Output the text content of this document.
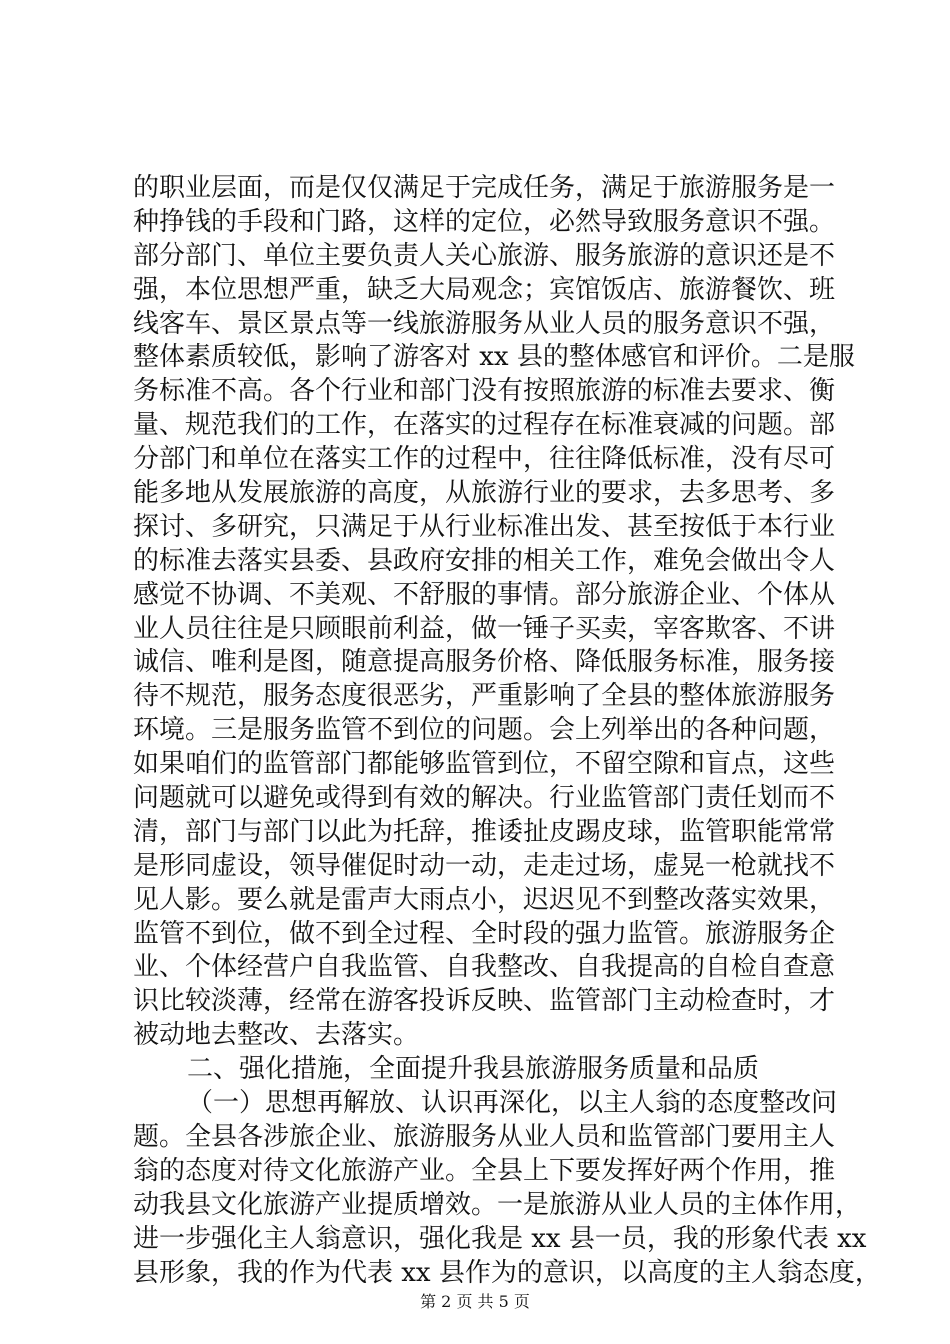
的职业层面，而是仅仅满足于完成任务，满足于旅游服务是一
种挣钱的手段和门路，这样的定位，必然导致服务意识不强。
部分部门、单位主要负责人关心旅游、服务旅游的意识还是不
强，本位思想严重，缺乏大局观念；宾馆饭店、旅游餐饮、班
线客车、景区景点等一线旅游服务从业人员的服务意识不强，
整体素质较低，影响了游客对 xx 县的整体感官和评价。二是服
务标准不高。各个行业和部门没有按照旅游的标准去要求、衡
量、规范我们的工作，在落实的过程存在标准衰减的问题。部
分部门和单位在落实工作的过程中，往往降低标准，没有尽可
能多地从发展旅游的高度，从旅游行业的要求，去多思考、多
探讨、多研究，只满足于从行业标准出发、甚至按低于本行业
的标准去落实县委、县政府安排的相关工作，难免会做出令人
感觉不协调、不美观、不舒服的事情。部分旅游企业、个体从
业人员往往是只顾眼前利益，做一锤子买卖，宰客欺客、不讲
诚信、唯利是图，随意提高服务价格、降低服务标准，服务接
待不规范，服务态度很恶劣，严重影响了全县的整体旅游服务
环境。三是服务监管不到位的问题。会上列举出的各种问题，
如果咱们的监管部门都能够监管到位，不留空隙和盲点，这些
问题就可以避免或得到有效的解决。行业监管部门责任划而不
清，部门与部门以此为托辞，推诿扯皮踢皮球，监管职能常常
是形同虚设，领导催促时动一动，走走过场，虚晃一枪就找不
见人影。要么就是雷声大雨点小，迟迟见不到整改落实效果，
监管不到位，做不到全过程、全时段的强力监管。旅游服务企
业、个体经营户自我监管、自我整改、自我提高的自检自查意
识比较淡薄，经常在游客投诉反映、监管部门主动检查时，才
被动地去整改、去落实。
二、强化措施，全面提升我县旅游服务质量和品质
（一）思想再解放、认识再深化，以主人翁的态度整改问
题。全县各涉旅企业、旅游服务从业人员和监管部门要用主人
翁的态度对待文化旅游产业。全县上下要发挥好两个作用，推
动我县文化旅游产业提质增效。一是旅游从业人员的主体作用，
进一步强化主人翁意识，强化我是 xx 县一员，我的形象代表 xx
县形象，我的作为代表 xx 县作为的意识，以高度的主人翁态度，
第 2 页 共 5 页
